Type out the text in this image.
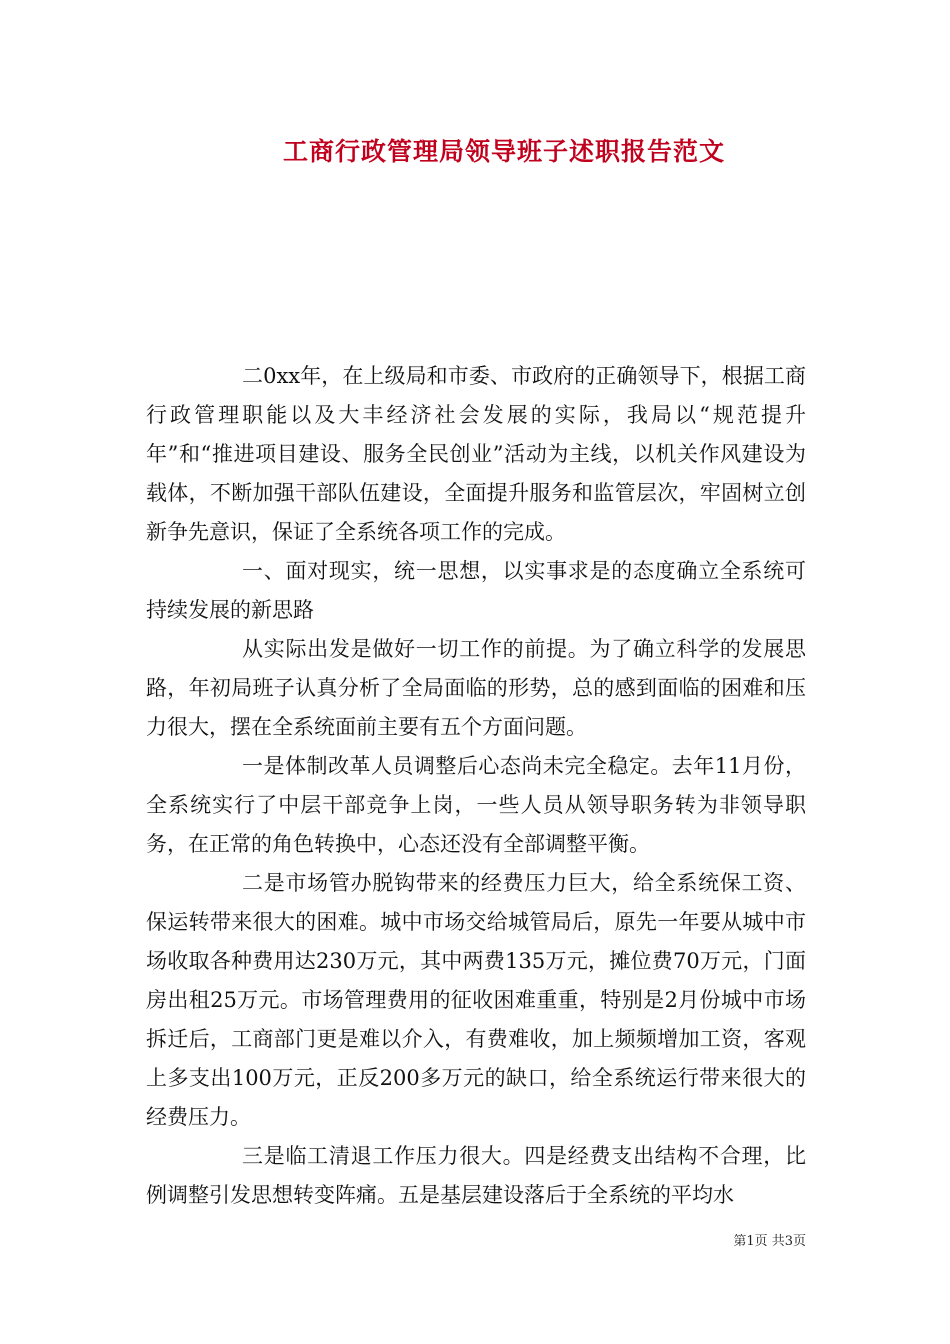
工商行政管理局领导班子述职报告范文

二0xx年，在上级局和市委、市政府的正确领导下，根据工商行政管理职能以及大丰经济社会发展的实际，我局以“规范提升年”和“推进项目建设、服务全民创业”活动为主线，以机关作风建设为载体，不断加强干部队伍建设，全面提升服务和监管层次，牢固树立创新争先意识，保证了全系统各项工作的完成。

一、面对现实，统一思想，以实事求是的态度确立全系统可持续发展的新思路

从实际出发是做好一切工作的前提。为了确立科学的发展思路，年初局班子认真分析了全局面临的形势，总的感到面临的困难和压力很大，摆在全系统面前主要有五个方面问题。

一是体制改革人员调整后心态尚未完全稳定。去年11月份，全系统实行了中层干部竞争上岗，一些人员从领导职务转为非领导职务，在正常的角色转换中，心态还没有全部调整平衡。

二是市场管办脱钩带来的经费压力巨大，给全系统保工资、保运转带来很大的困难。城中市场交给城管局后，原先一年要从城中市场收取各种费用达230万元，其中两费135万元，摊位费70万元，门面房出租25万元。市场管理费用的征收困难重重，特别是2月份城中市场拆迁后，工商部门更是难以介入，有费难收，加上频频增加工资，客观上多支出100万元，正反200多万元的缺口，给全系统运行带来很大的经费压力。

三是临工清退工作压力很大。四是经费支出结构不合理，比例调整引发思想转变阵痛。五是基层建设落后于全系统的平均水

第1页 共3页
